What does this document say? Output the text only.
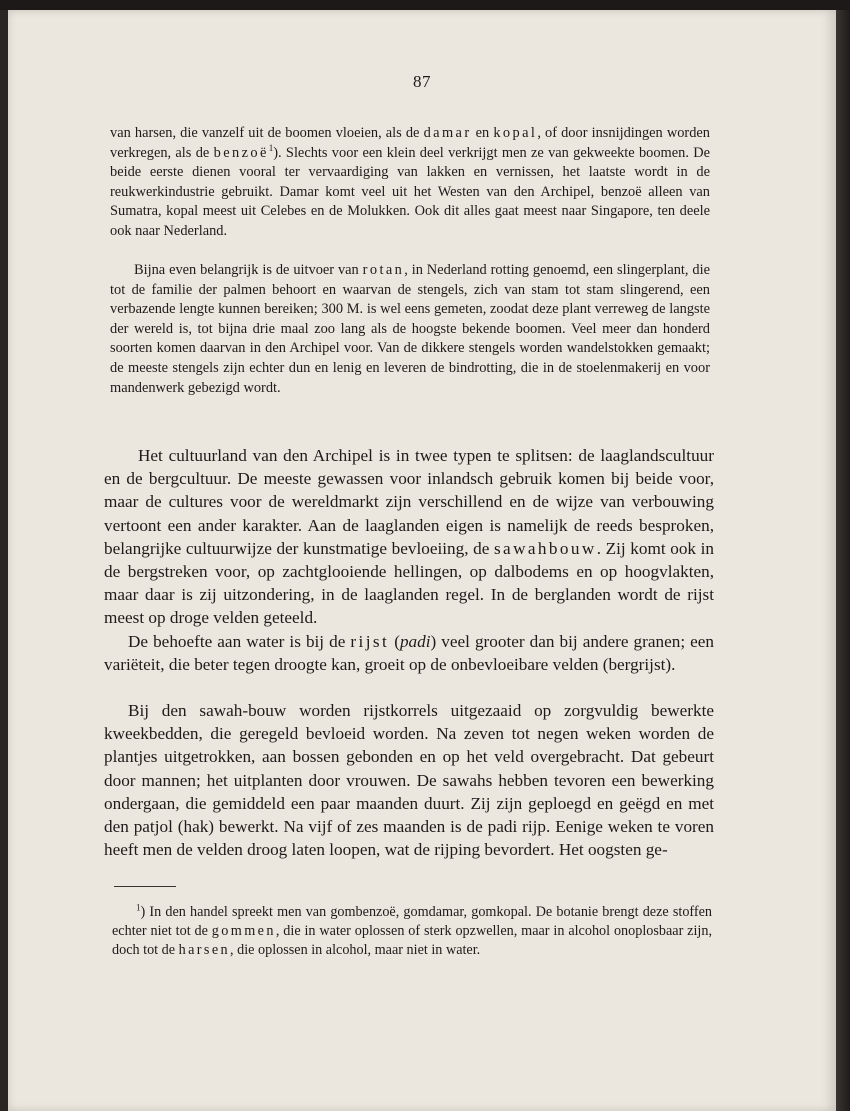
87

van harsen, die vanzelf uit de boomen vloeien, als de damar en kopal, of door insnijdingen worden verkregen, als de benzoë$^1$). Slechts voor een klein deel verkrijgt men ze van gekweekte boomen. De beide eerste dienen vooral ter vervaardiging van lakken en vernissen, het laatste wordt in de reukwerkindustrie gebruikt. Damar komt veel uit het Westen van den Archipel, benzoë alleen van Sumatra, kopal meest uit Celebes en de Molukken. Ook dit alles gaat meest naar Singapore, ten deele ook naar Nederland.

Bijna even belangrijk is de uitvoer van rotan, in Nederland rotting genoemd, een slingerplant, die tot de familie der palmen behoort en waarvan de stengels, zich van stam tot stam slingerend, een verbazende lengte kunnen bereiken; 300 M. is wel eens gemeten, zoodat deze plant verreweg de langste der wereld is, tot bijna drie maal zoo lang als de hoogste bekende boomen. Veel meer dan honderd soorten komen daarvan in den Archipel voor. Van de dikkere stengels worden wandelstokken gemaakt; de meeste stengels zijn echter dun en lenig en leveren de bindrotting, die in de stoelenmakerij en voor mandenwerk gebezigd wordt.

Het cultuurland van den Archipel is in twee typen te splitsen: de laaglandscultuur en de bergcultuur. De meeste gewassen voor inlandsch gebruik komen bij beide voor, maar de cultures voor de wereldmarkt zijn verschillend en de wijze van verbouwing vertoont een ander karakter. Aan de laaglanden eigen is namelijk de reeds besproken, belangrijke cultuurwijze der kunstmatige bevloeiing, de sawahbouw. Zij komt ook in de bergstreken voor, op zachtglooiende hellingen, op dalbodems en op hoogvlakten, maar daar is zij uitzondering, in de laaglanden regel. In de berglanden wordt de rijst meest op droge velden geteeld.

De behoefte aan water is bij de rijst (padi) veel grooter dan bij andere granen; een variëteit, die beter tegen droogte kan, groeit op de onbevloeibare velden (bergrijst).

Bij den sawah-bouw worden rijstkorrels uitgezaaid op zorgvuldig bewerkte kweekbedden, die geregeld bevloeid worden. Na zeven tot negen weken worden de plantjes uitgetrokken, aan bossen gebonden en op het veld overgebracht. Dat gebeurt door mannen; het uitplanten door vrouwen. De sawahs hebben tevoren een bewerking ondergaan, die gemiddeld een paar maanden duurt. Zij zijn geploegd en geëgd en met den patjol (hak) bewerkt. Na vijf of zes maanden is de padi rijp. Eenige weken te voren heeft men de velden droog laten loopen, wat de rijping bevordert. Het oogsten ge-

$^1$) In den handel spreekt men van gombenzoë, gomdamar, gomkopal. De botanie brengt deze stoffen echter niet tot de gommen, die in water oplossen of sterk opzwellen, maar in alcohol onoplosbaar zijn, doch tot de harsen, die oplossen in alcohol, maar niet in water.
